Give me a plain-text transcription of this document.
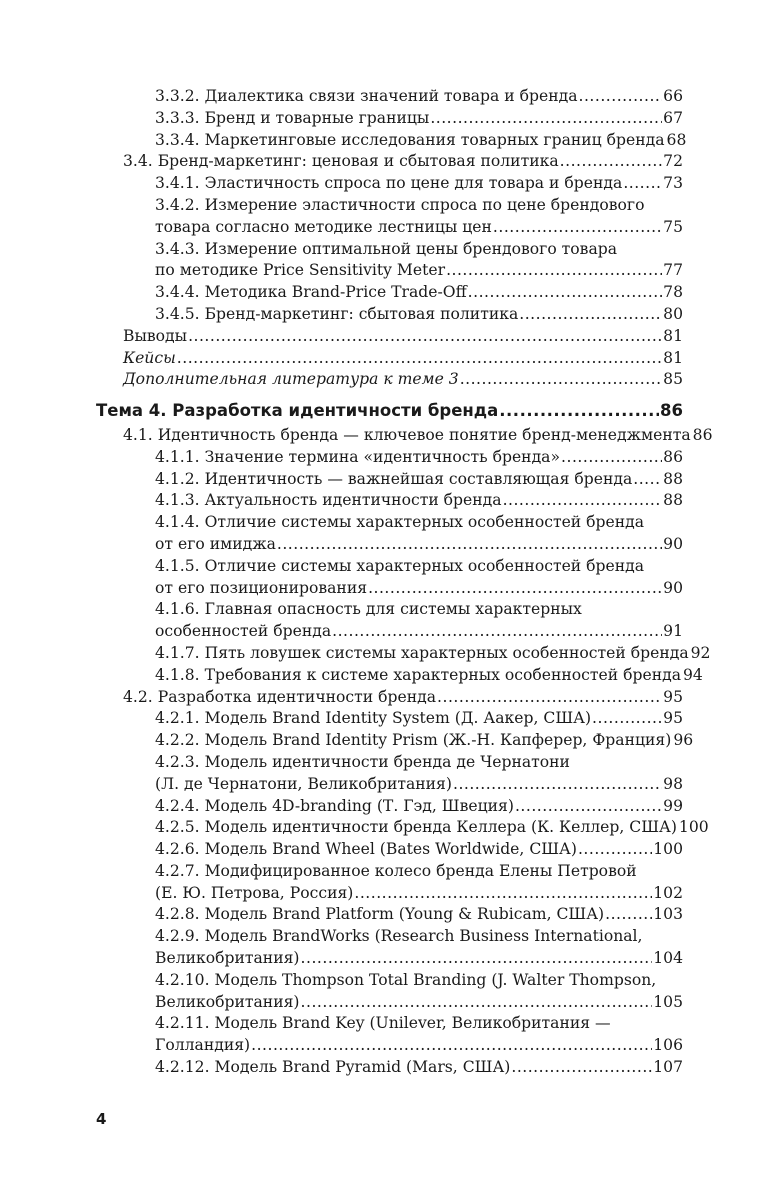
3.3.2. Диалектика связи значений товара и бренда .....	66
3.3.3. Бренд и товарные границы .....	67
3.3.4. Маркетинговые исследования товарных границ бренда 68
3.4. Бренд-маркетинг: ценовая и сбытовая политика .....	72
3.4.1. Эластичность спроса по цене для товара и бренда .....	73
3.4.2. Измерение эластичности спроса по цене брендового
товара согласно методике лестницы цен .....	75
3.4.3. Измерение оптимальной цены брендового товара
по методике Price Sensitivity Meter .....	77
3.4.4. Методика Brand-Price Trade-Off .....	78
3.4.5. Бренд-маркетинг: сбытовая политика .....	80
Выводы .....	81
Кейсы .....	81
Дополнительная литература к теме 3 .....	85
Тема 4. Разработка идентичности бренда .....	86
4.1. Идентичность бренда — ключевое понятие бренд-менеджмента 86
4.1.1. Значение термина «идентичность бренда» .....	86
4.1.2. Идентичность — важнейшая составляющая бренда ..... 88
4.1.3. Актуальность идентичности бренда .....	88
4.1.4. Отличие системы характерных особенностей бренда
от его имиджа .....	90
4.1.5. Отличие системы характерных особенностей бренда
от его позиционирования .....	90
4.1.6. Главная опасность для системы характерных
особенностей бренда .....	91
4.1.7. Пять ловушек системы характерных особенностей бренда 92
4.1.8. Требования к системе характерных особенностей бренда 94
4.2. Разработка идентичности бренда .....	95
4.2.1. Модель Brand Identity System (Д. Аакер, США) .....	95
4.2.2. Модель Brand Identity Prism (Ж.-Н. Капферер, Франция) 96
4.2.3. Модель идентичности бренда де Чернатони
(Л. де Чернатони, Великобритания) .....	98
4.2.4. Модель 4D-branding (Т. Гэд, Швеция) .....	99
4.2.5. Модель идентичности бренда Келлера (К. Келлер, США) 100
4.2.6. Модель Brand Wheel (Bates Worldwide, США) .....	100
4.2.7. Модифицированное колесо бренда Елены Петровой
(Е. Ю. Петрова, Россия) .....	102
4.2.8. Модель Brand Platform (Young & Rubicam, США) .....	103
4.2.9. Модель BrandWorks (Research Business International,
Великобритания) .....	104
4.2.10. Модель Thompson Total Branding (J. Walter Thompson,
Великобритания) .....	105
4.2.11. Модель Brand Key (Unilever, Великобритания —
Голландия) .....	106
4.2.12. Модель Brand Pyramid (Mars, США) .....	107
4
